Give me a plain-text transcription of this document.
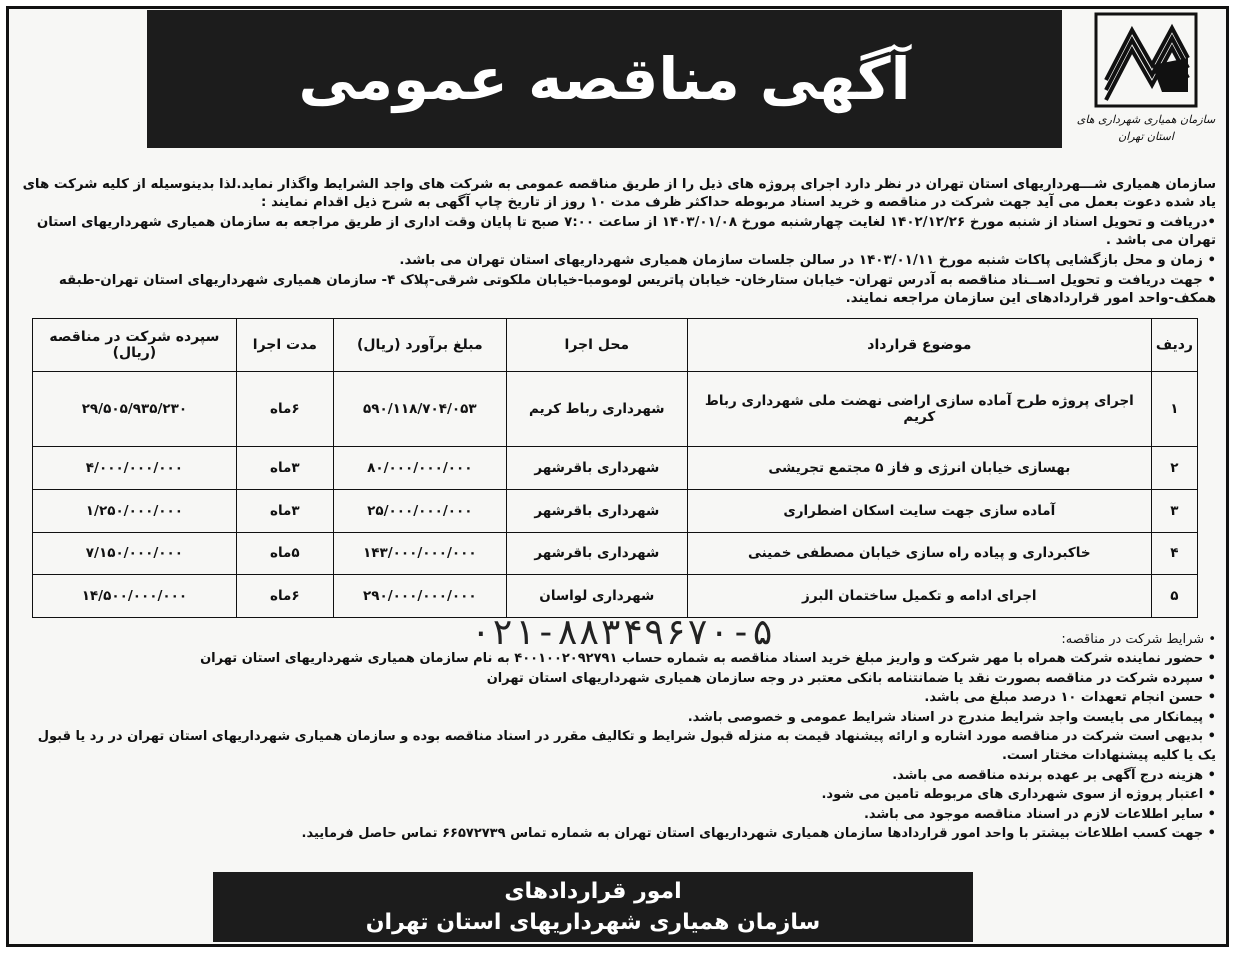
سازمان همیاری شهرداری های
استان تهران
آگهی مناقصه عمومی

سازمان همیاری شـــهرداریهای استان تهران در نظر دارد اجرای پروژه های ذیل را از طریق مناقصه عمومی به شرکت های واجد الشرایط واگذار نماید.لذا بدینوسیله از کلیه شرکت های یاد شده دعوت بعمل می آید جهت شرکت در مناقصه و خرید اسناد مربوطه حداکثر ظرف مدت ۱۰ روز از تاریخ چاپ آگهی به شرح ذیل اقدام نمایند :

•دریافت و تحویل اسناد از شنبه مورخ ۱۴۰۲/۱۲/۲۶ لغایت چهارشنبه مورخ ۱۴۰۳/۰۱/۰۸ از ساعت ۷:۰۰ صبح تا پایان وقت اداری از طریق مراجعه به سازمان همیاری شهرداریهای استان تهران می باشد .

• زمان و محل بازگشایی پاکات شنبه مورخ ۱۴۰۳/۰۱/۱۱ در سالن جلسات سازمان همیاری شهرداریهای استان تهران می باشد.

• جهت دریافت و تحویل اســناد مناقصه به آدرس تهران- خیابان ستارخان- خیابان پاتریس لومومبا-خیابان ملکوتی شرقی-پلاک ۴- سازمان همیاری شهرداریهای استان تهران-طبقه همکف-واحد امور قراردادهای این سازمان مراجعه نمایند.

ردیف	موضوع قرارداد	محل اجرا	مبلغ برآورد (ریال)	مدت اجرا	سپرده شرکت در مناقصه (ریال)
۱	اجرای پروژه طرح آماده سازی اراضی نهضت ملی شهرداری رباط کریم	شهرداری رباط کریم	۵۹۰/۱۱۸/۷۰۴/۰۵۳	۶ماه	۲۹/۵۰۵/۹۳۵/۲۳۰
۲	بهسازی خیابان انرژی و فاز ۵ مجتمع تجریشی	شهرداری باقرشهر	۸۰/۰۰۰/۰۰۰/۰۰۰	۳ماه	۴/۰۰۰/۰۰۰/۰۰۰
۳	آماده سازی جهت سایت اسکان اضطراری	شهرداری باقرشهر	۲۵/۰۰۰/۰۰۰/۰۰۰	۳ماه	۱/۲۵۰/۰۰۰/۰۰۰
۴	خاکبرداری و پیاده راه سازی خیابان مصطفی خمینی	شهرداری باقرشهر	۱۴۳/۰۰۰/۰۰۰/۰۰۰	۵ماه	۷/۱۵۰/۰۰۰/۰۰۰
۵	اجرای ادامه و تکمیل ساختمان البرز	شهرداری لواسان	۲۹۰/۰۰۰/۰۰۰/۰۰۰	۶ماه	۱۴/۵۰۰/۰۰۰/۰۰۰
۰۲۱-۸۸۳۴۹۶۷۰-۵	• شرایط شرکت در مناقصه:
• حضور نماینده شرکت همراه با مهر شرکت و واریز مبلغ خرید اسناد مناقصه به شماره حساب ۴۰۰۱۰۰۲۰۹۲۷۹۱ به نام سازمان همیاری شهرداریهای استان تهران
• سپرده شرکت در مناقصه بصورت نقد یا ضمانتنامه بانکی معتبر در وجه سازمان همیاری شهرداریهای استان تهران
• حسن انجام تعهدات ۱۰ درصد مبلغ می باشد.
• پیمانکار می بایست واجد شرایط مندرج در اسناد شرایط عمومی و خصوصی باشد.
• بدیهی است شرکت در مناقصه مورد اشاره و ارائه پیشنهاد قیمت به منزله قبول شرایط و تکالیف مقرر در اسناد مناقصه بوده و سازمان همیاری شهرداریهای استان تهران در رد یا قبول یک یا کلیه پیشنهادات مختار است.
• هزینه درج آگهی بر عهده برنده مناقصه می باشد.
• اعتبار پروژه از سوی شهرداری های مربوطه تامین می شود.
• سایر اطلاعات لازم در اسناد مناقصه موجود می باشد.
• جهت کسب اطلاعات بیشتر با واحد امور قراردادها سازمان همیاری شهرداریهای استان تهران به شماره تماس ۶۶۵۷۲۷۳۹ تماس حاصل فرمایید.
امور قراردادهای
سازمان همیاری شهرداریهای استان تهران
